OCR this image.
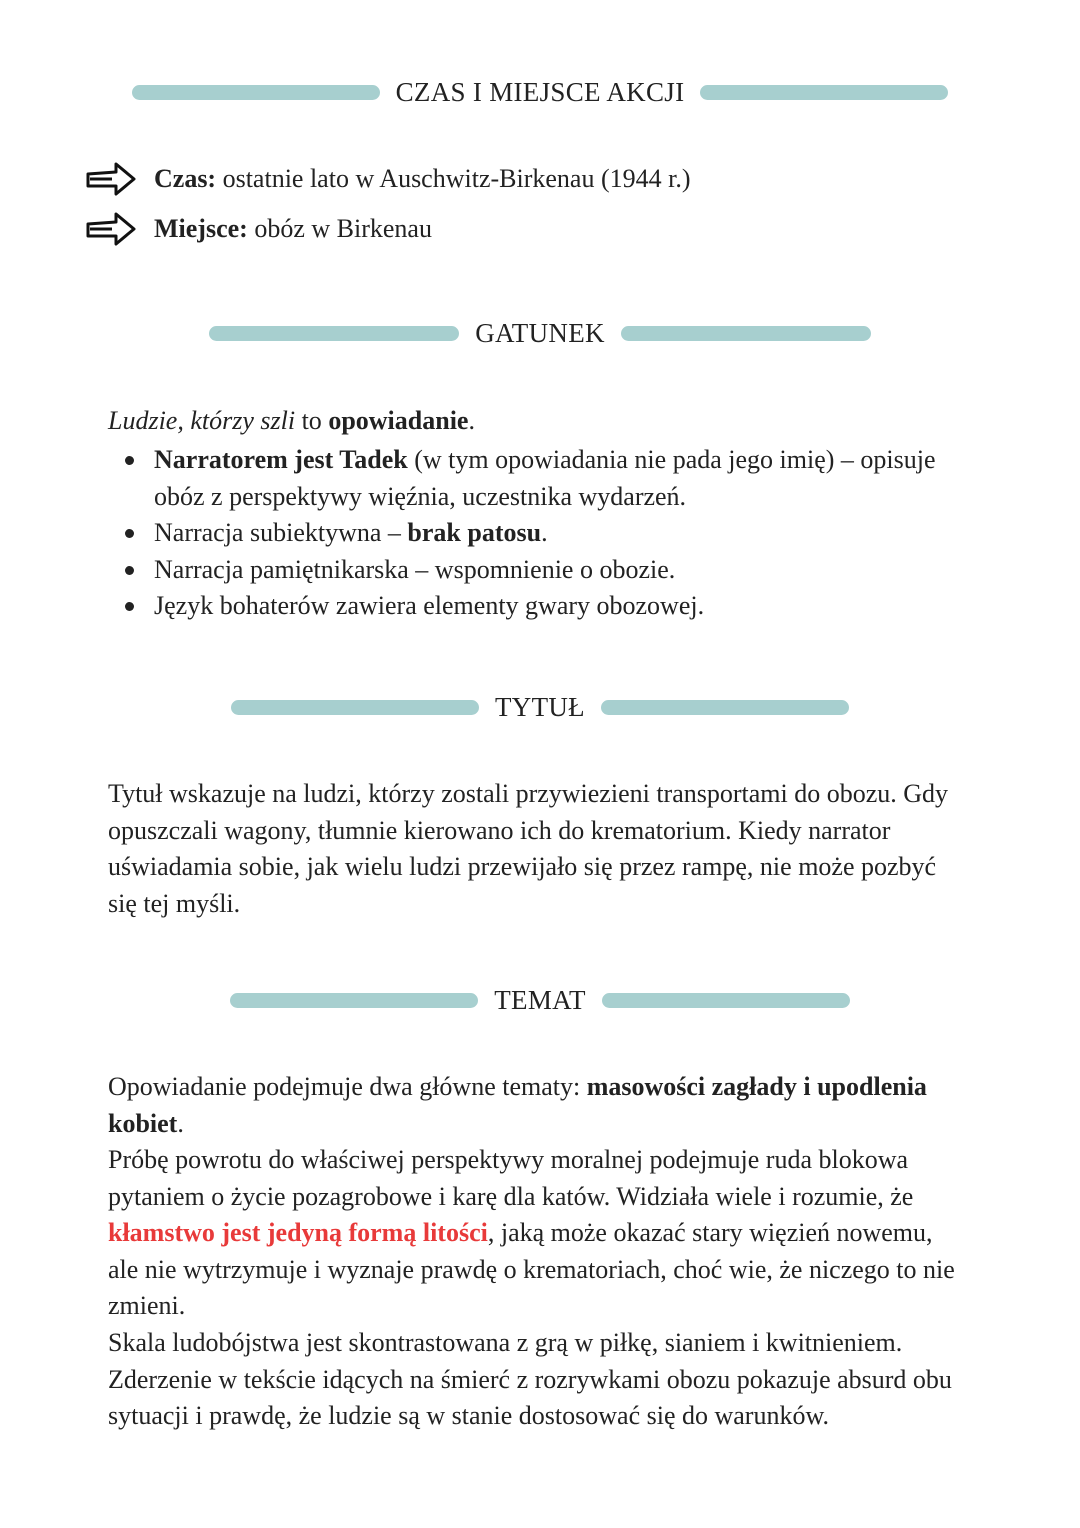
CZAS I MIEJSCE AKCJI
Czas: ostatnie lato w Auschwitz-Birkenau (1944 r.)
Miejsce: obóz w Birkenau
GATUNEK

Ludzie, którzy szli to opowiadanie.

Narratorem jest Tadek (w tym opowiadania nie pada jego imię) – opisuje obóz z perspektywy więźnia, uczestnika wydarzeń.
Narracja subiektywna – brak patosu.
Narracja pamiętnikarska – wspomnienie o obozie.
Język bohaterów zawiera elementy gwary obozowej.
TYTUŁ

Tytuł wskazuje na ludzi, którzy zostali przywiezieni transportami do obozu. Gdy opuszczali wagony, tłumnie kierowano ich do krematorium. Kiedy narrator uświadamia sobie, jak wielu ludzi przewijało się przez rampę, nie może pozbyć się tej myśli.

TEMAT

Opowiadanie podejmuje dwa główne tematy: masowości zagłady i upodlenia kobiet.

Próbę powrotu do właściwej perspektywy moralnej podejmuje ruda blokowa pytaniem o życie pozagrobowe i karę dla katów. Widziała wiele i rozumie, że kłamstwo jest jedyną formą litości, jaką może okazać stary więzień nowemu, ale nie wytrzymuje i wyznaje prawdę o krematoriach, choć wie, że niczego to nie zmieni.

Skala ludobójstwa jest skontrastowana z grą w piłkę, sianiem i kwitnieniem. Zderzenie w tekście idących na śmierć z rozrywkami obozu pokazuje absurd obu sytuacji i prawdę, że ludzie są w stanie dostosować się do warunków.
